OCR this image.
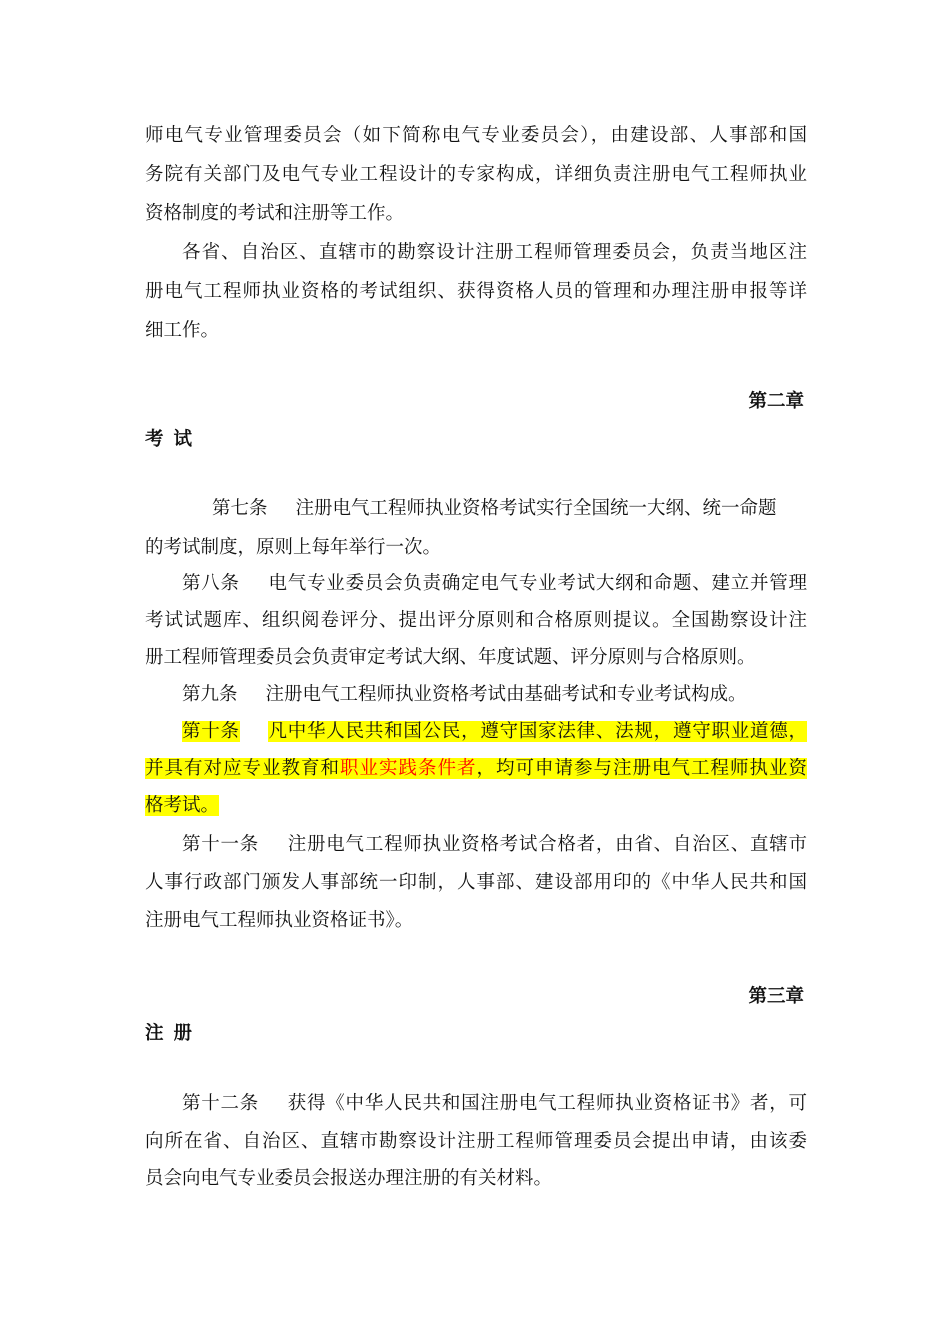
师电气专业管理委员会（如下简称电气专业委员会），由建设部、人事部和国
务院有关部门及电气专业工程设计的专家构成，详细负责注册电气工程师执业
资格制度的考试和注册等工作。
各省、自治区、直辖市的勘察设计注册工程师管理委员会，负责当地区注
册电气工程师执业资格的考试组织、获得资格人员的管理和办理注册申报等详
细工作。
第二章
考试
第七条 注册电气工程师执业资格考试实行全国统一大纲、统一命题
的考试制度，原则上每年举行一次。
第八条 电气专业委员会负责确定电气专业考试大纲和命题、建立并管理
考试试题库、组织阅卷评分、提出评分原则和合格原则提议。全国勘察设计注
册工程师管理委员会负责审定考试大纲、年度试题、评分原则与合格原则。
第九条 注册电气工程师执业资格考试由基础考试和专业考试构成。
第十条 凡中华人民共和国公民，遵守国家法律、法规，遵守职业道德，
并具有对应专业教育和职业实践条件者，均可申请参与注册电气工程师执业资
格考试。
第十一条 注册电气工程师执业资格考试合格者，由省、自治区、直辖市
人事行政部门颁发人事部统一印制，人事部、建设部用印的《中华人民共和国
注册电气工程师执业资格证书》。
第三章
注册
第十二条 获得《中华人民共和国注册电气工程师执业资格证书》者，可
向所在省、自治区、直辖市勘察设计注册工程师管理委员会提出申请，由该委
员会向电气专业委员会报送办理注册的有关材料。
